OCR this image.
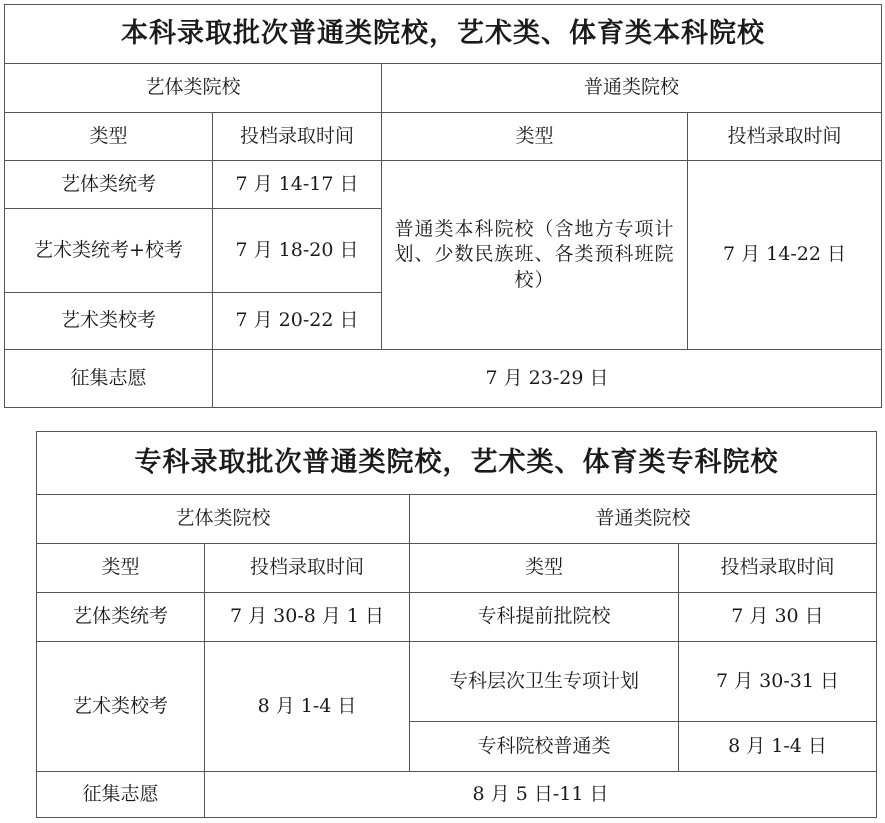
本科录取批次普通类院校，艺术类、体育类本科院校			
艺体类院校		普通类院校	
类型	投档录取时间	类型	投档录取时间
艺体类统考	7 月 14-17 日	普通类本科院校（含地方专项计划、少数民族班、各类预科班院校）	7 月 14-22 日
艺术类统考+校考	7 月 18-20 日		
艺术类校考	7 月 20-22 日		
征集志愿	7 月 23-29 日		
专科录取批次普通类院校，艺术类、体育类专科院校			
艺体类院校		普通类院校	
类型	投档录取时间	类型	投档录取时间
艺体类统考	7 月 30-8 月 1 日	专科提前批院校	7 月 30 日
艺术类校考	8 月 1-4 日	专科层次卫生专项计划	7 月 30-31 日
		专科院校普通类	8 月 1-4 日
征集志愿	8 月 5 日-11 日		
